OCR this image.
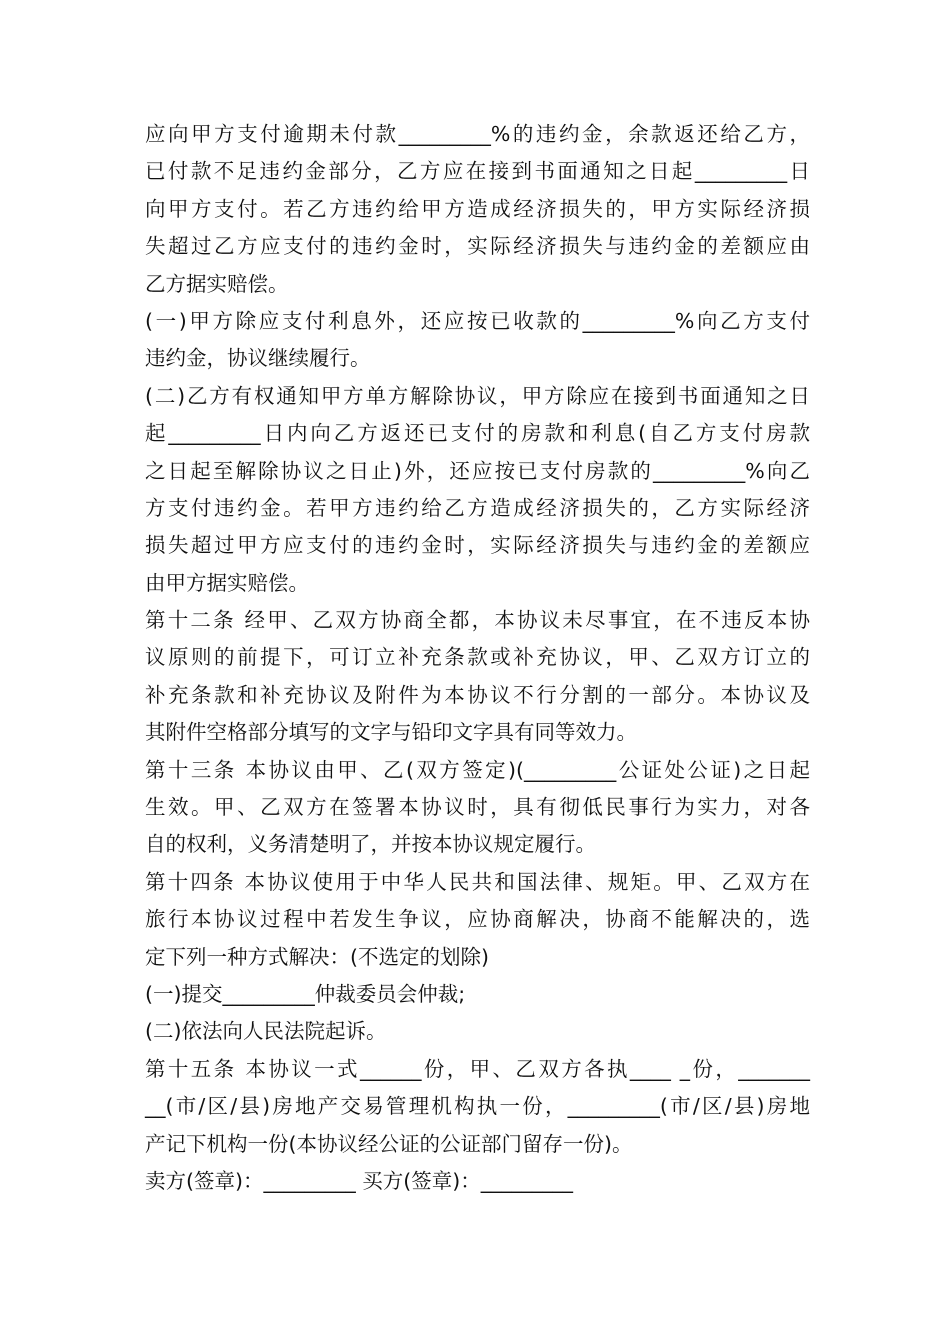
应向甲方支付逾期未付款_________%的违约金，余款返还给乙方，
已付款不足违约金部分，乙方应在接到书面通知之日起_________日
向甲方支付。若乙方违约给甲方造成经济损失的，甲方实际经济损
失超过乙方应支付的违约金时，实际经济损失与违约金的差额应由
乙方据实赔偿。
(一)甲方除应支付利息外，还应按已收款的_________%向乙方支付
违约金，协议继续履行。
(二)乙方有权通知甲方单方解除协议，甲方除应在接到书面通知之日
起_________日内向乙方返还已支付的房款和利息(自乙方支付房款
之日起至解除协议之日止)外，还应按已支付房款的_________%向乙
方支付违约金。若甲方违约给乙方造成经济损失的，乙方实际经济
损失超过甲方应支付的违约金时，实际经济损失与违约金的差额应
由甲方据实赔偿。
第十二条 经甲、乙双方协商全都，本协议未尽事宜，在不违反本协
议原则的前提下，可订立补充条款或补充协议，甲、乙双方订立的
补充条款和补充协议及附件为本协议不行分割的一部分。本协议及
其附件空格部分填写的文字与铅印文字具有同等效力。
第十三条 本协议由甲、乙(双方签定)(_________公证处公证)之日起
生效。甲、乙双方在签署本协议时，具有彻低民事行为实力，对各
自的权利，义务清楚明了，并按本协议规定履行。
第十四条 本协议使用于中华人民共和国法律、规矩。甲、乙双方在
旅行本协议过程中若发生争议，应协商解决，协商不能解决的，选
定下列一种方式解决：(不选定的划除)
(一)提交_________仲裁委员会仲裁;
(二)依法向人民法院起诉。
第十五条 本协议一式______份，甲、乙双方各执____ _份，_______
__(市/区/县)房地产交易管理机构执一份，_________(市/区/县)房地
产记下机构一份(本协议经公证的公证部门留存一份)。
卖方(签章)：_________ 买方(签章)：_________
